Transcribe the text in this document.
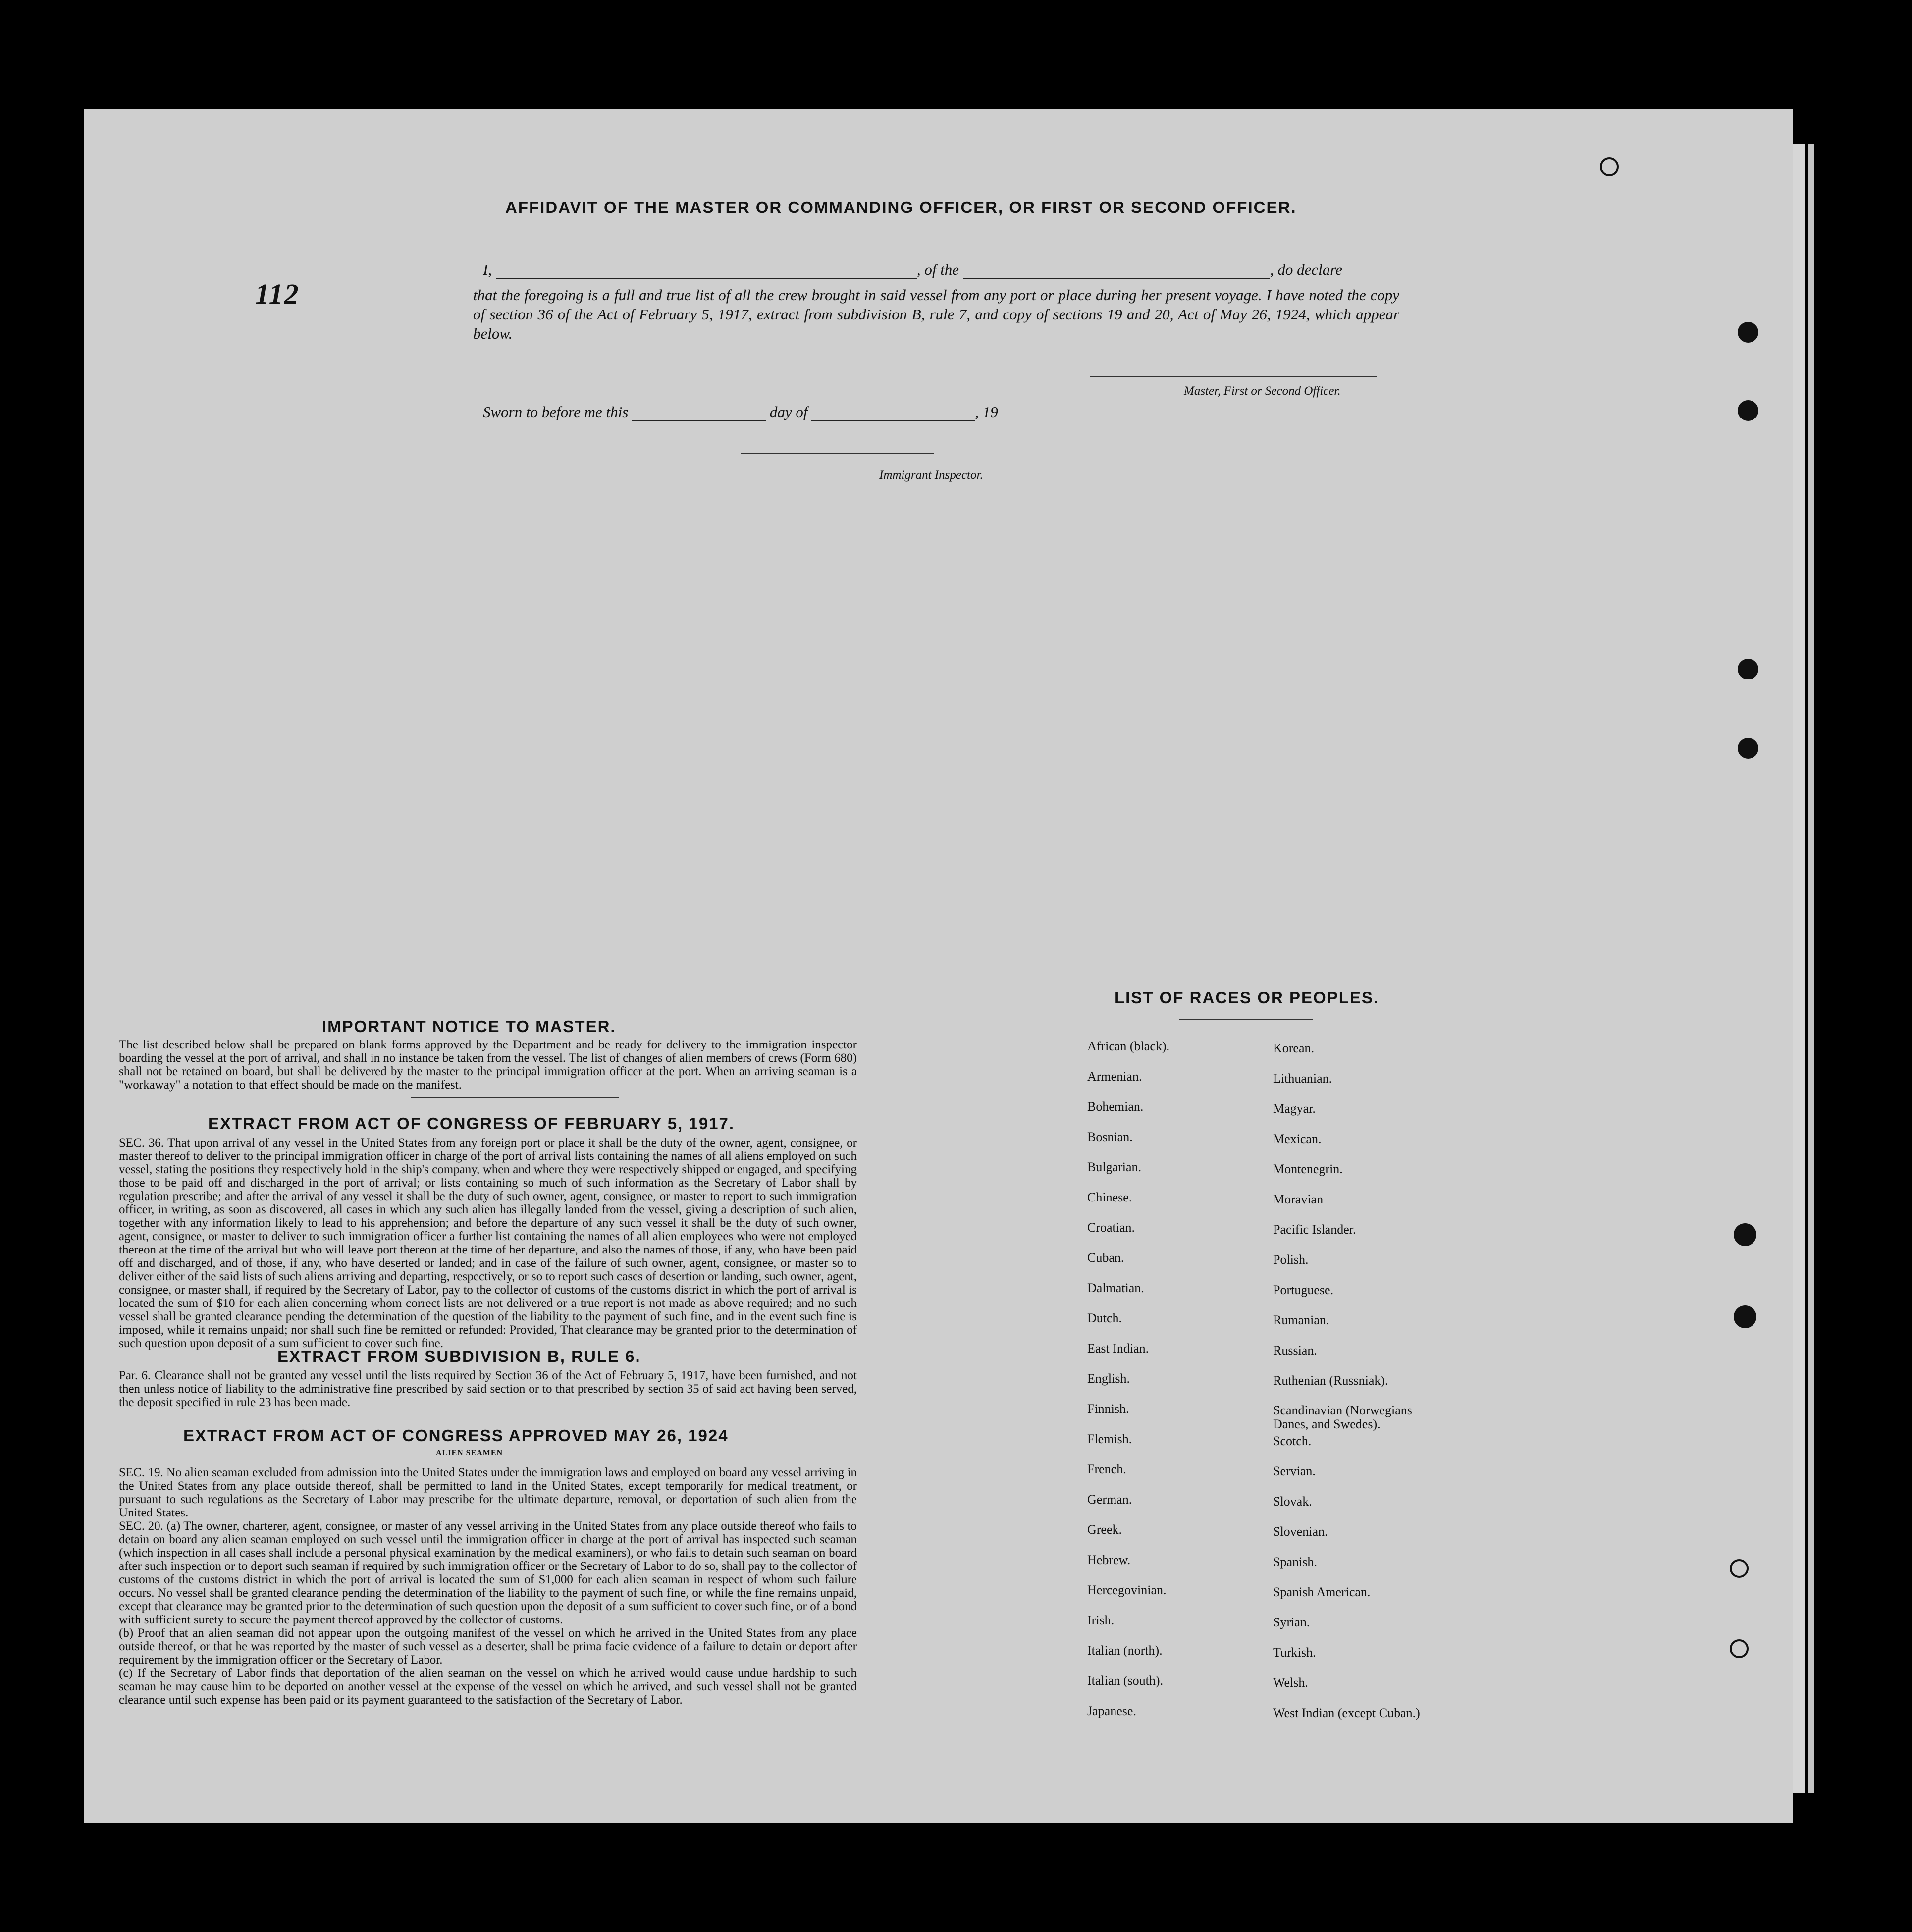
112
AFFIDAVIT OF THE MASTER OR COMMANDING OFFICER, OR FIRST OR SECOND OFFICER.
I,	, of the	, do declare
that the foregoing is a full and true list of all the crew brought in said vessel from any port or place during her present voyage. I have noted the copy of section 36 of the Act of February 5, 1917, extract from subdivision B, rule 7, and copy of sections 19 and 20, Act of May 26, 1924, which appear below.
Master, First or Second Officer.
Sworn to before me this	day of	, 19
Immigrant Inspector.
IMPORTANT NOTICE TO MASTER.
The list described below shall be prepared on blank forms approved by the Department and be ready for delivery to the immigration inspector boarding the vessel at the port of arrival, and shall in no instance be taken from the vessel. The list of changes of alien members of crews (Form 680) shall not be retained on board, but shall be delivered by the master to the principal immigration officer at the port. When an arriving seaman is a "workaway" a notation to that effect should be made on the manifest.
EXTRACT FROM ACT OF CONGRESS OF FEBRUARY 5, 1917.
SEC. 36. That upon arrival of any vessel in the United States from any foreign port or place it shall be the duty of the owner, agent, consignee, or master thereof to deliver to the principal immigration officer in charge of the port of arrival lists containing the names of all aliens employed on such vessel, stating the positions they respectively hold in the ship's company, when and where they were respectively shipped or engaged, and specifying those to be paid off and discharged in the port of arrival; or lists containing so much of such information as the Secretary of Labor shall by regulation prescribe; and after the arrival of any vessel it shall be the duty of such owner, agent, consignee, or master to report to such immigration officer, in writing, as soon as discovered, all cases in which any such alien has illegally landed from the vessel, giving a description of such alien, together with any information likely to lead to his apprehension; and before the departure of any such vessel it shall be the duty of such owner, agent, consignee, or master to deliver to such immigration officer a further list containing the names of all alien employees who were not employed thereon at the time of the arrival but who will leave port thereon at the time of her departure, and also the names of those, if any, who have been paid off and discharged, and of those, if any, who have deserted or landed; and in case of the failure of such owner, agent, consignee, or master so to deliver either of the said lists of such aliens arriving and departing, respectively, or so to report such cases of desertion or landing, such owner, agent, consignee, or master shall, if required by the Secretary of Labor, pay to the collector of customs of the customs district in which the port of arrival is located the sum of $10 for each alien concerning whom correct lists are not delivered or a true report is not made as above required; and no such vessel shall be granted clearance pending the determination of the question of the liability to the payment of such fine, and in the event such fine is imposed, while it remains unpaid; nor shall such fine be remitted or refunded: Provided, That clearance may be granted prior to the determination of such question upon deposit of a sum sufficient to cover such fine.
EXTRACT FROM SUBDIVISION B, RULE 6.
Par. 6. Clearance shall not be granted any vessel until the lists required by Section 36 of the Act of February 5, 1917, have been furnished, and not then unless notice of liability to the administrative fine prescribed by said section or to that prescribed by section 35 of said act having been served, the deposit specified in rule 23 has been made.
EXTRACT FROM ACT OF CONGRESS APPROVED MAY 26, 1924
ALIEN SEAMEN
SEC. 19. No alien seaman excluded from admission into the United States under the immigration laws and employed on board any vessel arriving in the United States from any place outside thereof, shall be permitted to land in the United States, except temporarily for medical treatment, or pursuant to such regulations as the Secretary of Labor may prescribe for the ultimate departure, removal, or deportation of such alien from the United States.
SEC. 20. (a) The owner, charterer, agent, consignee, or master of any vessel arriving in the United States from any place outside thereof who fails to detain on board any alien seaman employed on such vessel until the immigration officer in charge at the port of arrival has inspected such seaman (which inspection in all cases shall include a personal physical examination by the medical examiners), or who fails to detain such seaman on board after such inspection or to deport such seaman if required by such immigration officer or the Secretary of Labor to do so, shall pay to the collector of customs of the customs district in which the port of arrival is located the sum of $1,000 for each alien seaman in respect of whom such failure occurs. No vessel shall be granted clearance pending the determination of the liability to the payment of such fine, or while the fine remains unpaid, except that clearance may be granted prior to the determination of such question upon the deposit of a sum sufficient to cover such fine, or of a bond with sufficient surety to secure the payment thereof approved by the collector of customs.
(b) Proof that an alien seaman did not appear upon the outgoing manifest of the vessel on which he arrived in the United States from any place outside thereof, or that he was reported by the master of such vessel as a deserter, shall be prima facie evidence of a failure to detain or deport after requirement by the immigration officer or the Secretary of Labor.
(c) If the Secretary of Labor finds that deportation of the alien seaman on the vessel on which he arrived would cause undue hardship to such seaman he may cause him to be deported on another vessel at the expense of the vessel on which he arrived, and such vessel shall not be granted clearance until such expense has been paid or its payment guaranteed to the satisfaction of the Secretary of Labor.
LIST OF RACES OR PEOPLES.
African (black).
Armenian.
Bohemian.
Bosnian.
Bulgarian.
Chinese.
Croatian.
Cuban.
Dalmatian.
Dutch.
East Indian.
English.
Finnish.
Flemish.
French.
German.
Greek.
Hebrew.
Hercegovinian.
Irish.
Italian (north).
Italian (south).
Japanese.
Korean.
Lithuanian.
Magyar.
Mexican.
Montenegrin.
Moravian
Pacific Islander.
Polish.
Portuguese.
Rumanian.
Russian.
Ruthenian (Russniak).
Scandinavian (Norwegians Danes, and Swedes).
Scotch.
Servian.
Slovak.
Slovenian.
Spanish.
Spanish American.
Syrian.
Turkish.
Welsh.
West Indian (except Cuban.)
